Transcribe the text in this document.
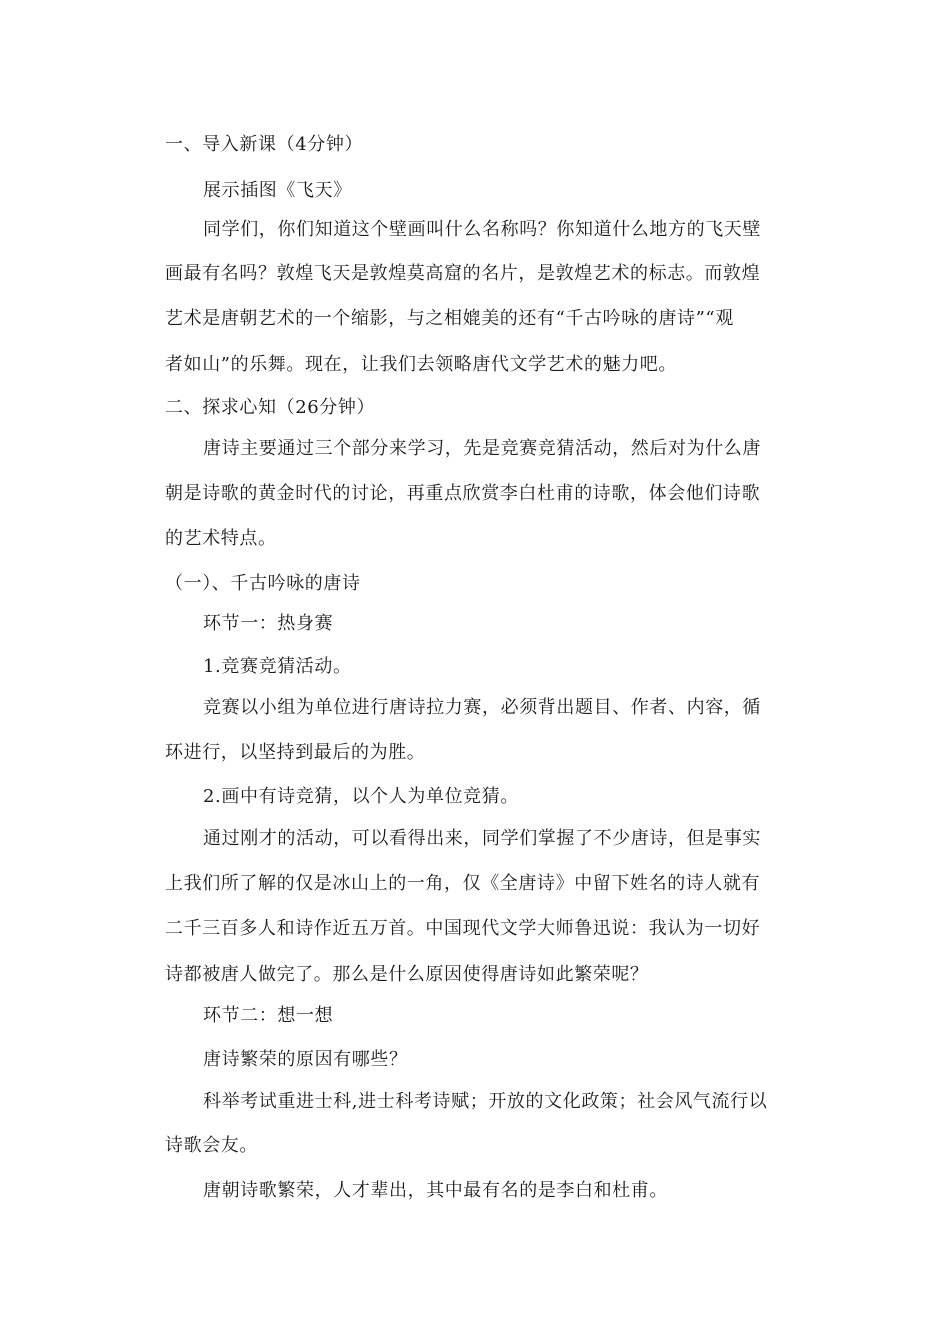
一、导入新课（4分钟）
展示插图《飞天》
同学们，你们知道这个壁画叫什么名称吗？你知道什么地方的飞天壁
画最有名吗？敦煌飞天是敦煌莫高窟的名片，是敦煌艺术的标志。而敦煌
艺术是唐朝艺术的一个缩影，与之相媲美的还有“千古吟咏的唐诗”“观
者如山”的乐舞。现在，让我们去领略唐代文学艺术的魅力吧。
二、探求心知（26分钟）
唐诗主要通过三个部分来学习，先是竞赛竞猜活动，然后对为什么唐
朝是诗歌的黄金时代的讨论，再重点欣赏李白杜甫的诗歌，体会他们诗歌
的艺术特点。
（一）、千古吟咏的唐诗
环节一：热身赛
1.竞赛竞猜活动。
竞赛以小组为单位进行唐诗拉力赛，必须背出题目、作者、内容，循
环进行，以坚持到最后的为胜。
2.画中有诗竞猜，以个人为单位竞猜。
通过刚才的活动，可以看得出来，同学们掌握了不少唐诗，但是事实
上我们所了解的仅是冰山上的一角，仅《全唐诗》中留下姓名的诗人就有
二千三百多人和诗作近五万首。中国现代文学大师鲁迅说：我认为一切好
诗都被唐人做完了。那么是什么原因使得唐诗如此繁荣呢？
环节二：想一想
唐诗繁荣的原因有哪些？
科举考试重进士科,进士科考诗赋；开放的文化政策；社会风气流行以
诗歌会友。
唐朝诗歌繁荣，人才辈出，其中最有名的是李白和杜甫。
